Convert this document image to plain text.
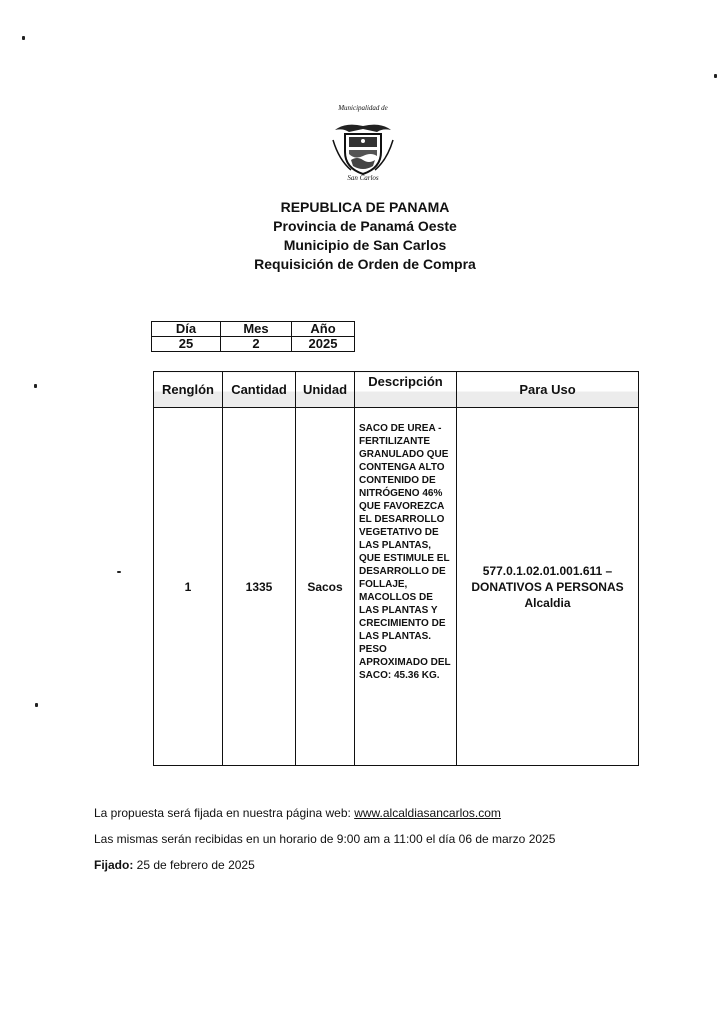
Municipalidad de
San Carlos
REPUBLICA DE PANAMA
Provincia de Panamá Oeste
Municipio de San Carlos
Requisición de Orden de Compra
Día	Mes	Año
25	2	2025
Renglón	Cantidad	Unidad	Descripción	Para Uso
1	1335	Sacos	SACO DE UREA - FERTILIZANTE GRANULADO QUE CONTENGA ALTO CONTENIDO DE NITRÓGENO 46% QUE FAVOREZCA EL DESARROLLO VEGETATIVO DE LAS PLANTAS, QUE ESTIMULE EL DESARROLLO DE FOLLAJE, MACOLLOS DE LAS PLANTAS Y CRECIMIENTO DE LAS PLANTAS. PESO APROXIMADO DEL SACO: 45.36 KG.	577.0.1.02.01.001.611 – DONATIVOS A PERSONAS Alcaldia
La propuesta será fijada en nuestra página web: www.alcaldiasancarlos.com
Las mismas serán recibidas en un horario de 9:00 am a 11:00 el día 06 de marzo 2025
Fijado: 25 de febrero de 2025
